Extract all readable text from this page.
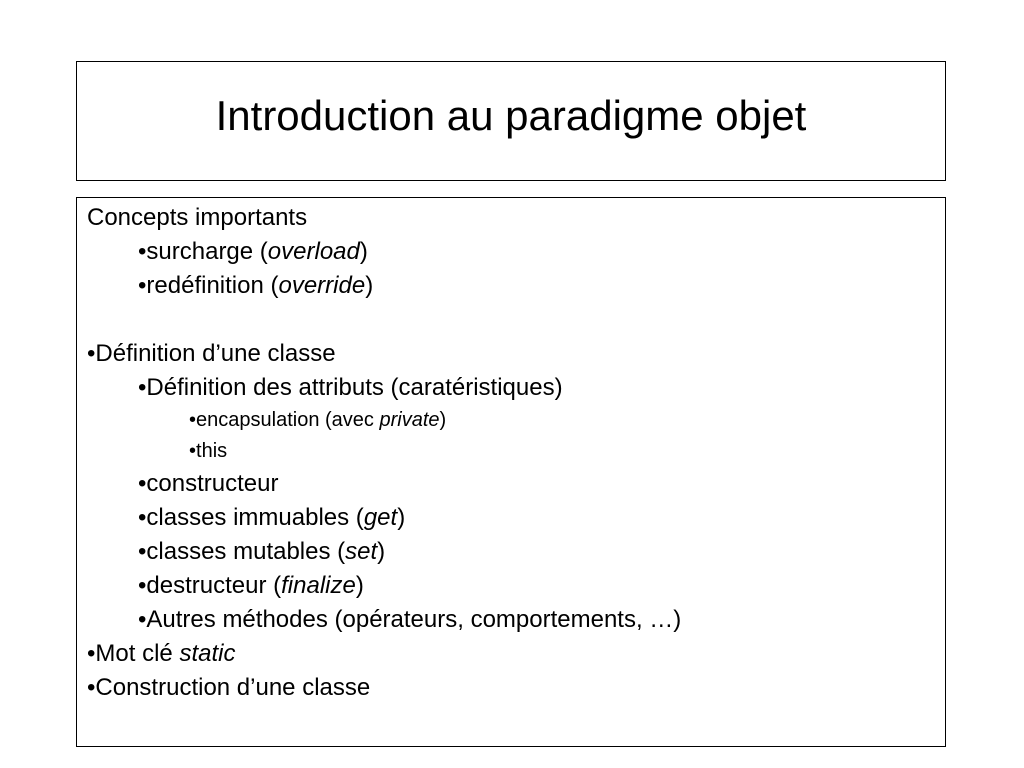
Introduction au paradigme objet
Concepts importants
•surcharge (overload)
•redéfinition (override)
•Définition d’une classe
•Définition des attributs (caratéristiques)
•encapsulation (avec private)
•this
•constructeur
•classes immuables (get)
•classes mutables (set)
•destructeur (finalize)
•Autres méthodes (opérateurs, comportements, …)
•Mot clé static
•Construction d’une classe
